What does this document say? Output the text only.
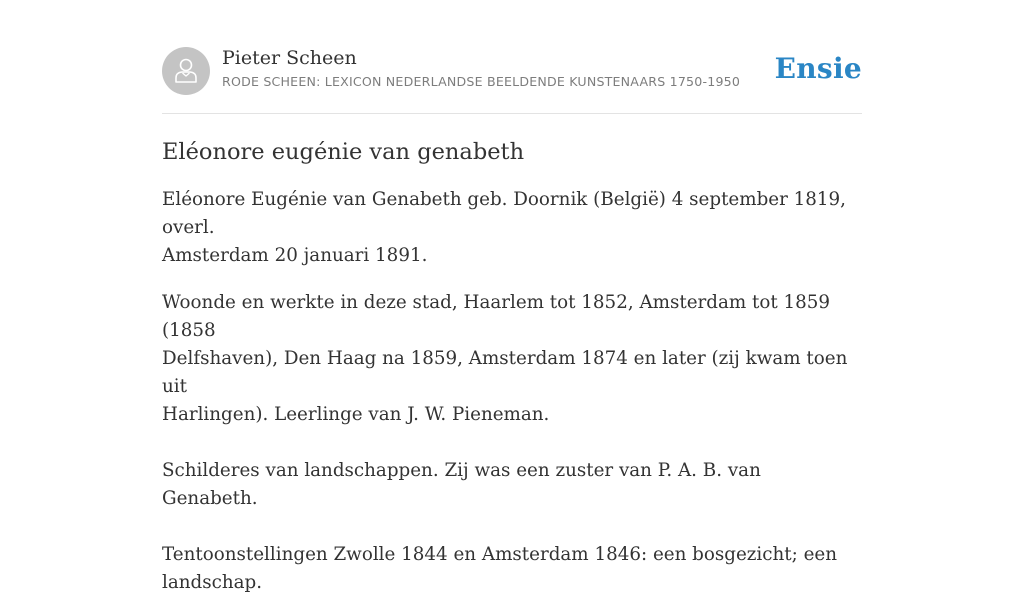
Pieter Scheen
RODE SCHEEN: LEXICON NEDERLANDSE BEELDENDE KUNSTENAARS 1750-1950 Ensie
Eléonore eugénie van genabeth

Eléonore Eugénie van Genabeth geb. Doornik (België) 4 september 1819, overl.
Amsterdam 20 januari 1891.

Woonde en werkte in deze stad, Haarlem tot 1852, Amsterdam tot 1859 (1858
Delfshaven), Den Haag na 1859, Amsterdam 1874 en later (zij kwam toen uit
Harlingen). Leerlinge van J. W. Pieneman.

Schilderes van landschappen. Zij was een zuster van P. A. B. van Genabeth.

Tentoonstellingen Zwolle 1844 en Amsterdam 1846: een bosgezicht; een
landschap.
